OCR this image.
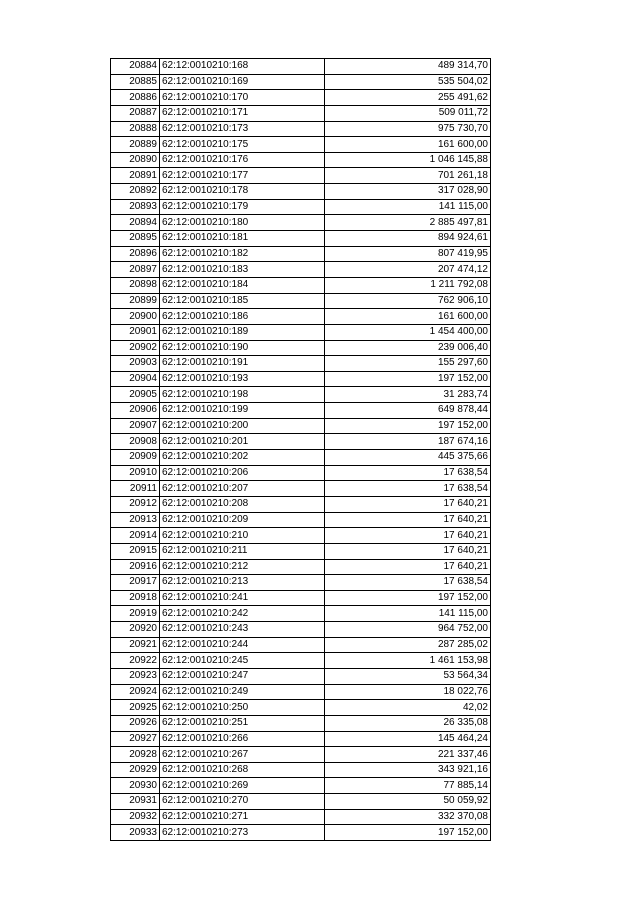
20884	62:12:0010210:168	489 314,70
20885	62:12:0010210:169	535 504,02
20886	62:12:0010210:170	255 491,62
20887	62:12:0010210:171	509 011,72
20888	62:12:0010210:173	975 730,70
20889	62:12:0010210:175	161 600,00
20890	62:12:0010210:176	1 046 145,88
20891	62:12:0010210:177	701 261,18
20892	62:12:0010210:178	317 028,90
20893	62:12:0010210:179	141 115,00
20894	62:12:0010210:180	2 885 497,81
20895	62:12:0010210:181	894 924,61
20896	62:12:0010210:182	807 419,95
20897	62:12:0010210:183	207 474,12
20898	62:12:0010210:184	1 211 792,08
20899	62:12:0010210:185	762 906,10
20900	62:12:0010210:186	161 600,00
20901	62:12:0010210:189	1 454 400,00
20902	62:12:0010210:190	239 006,40
20903	62:12:0010210:191	155 297,60
20904	62:12:0010210:193	197 152,00
20905	62:12:0010210:198	31 283,74
20906	62:12:0010210:199	649 878,44
20907	62:12:0010210:200	197 152,00
20908	62:12:0010210:201	187 674,16
20909	62:12:0010210:202	445 375,66
20910	62:12:0010210:206	17 638,54
20911	62:12:0010210:207	17 638,54
20912	62:12:0010210:208	17 640,21
20913	62:12:0010210:209	17 640,21
20914	62:12:0010210:210	17 640,21
20915	62:12:0010210:211	17 640,21
20916	62:12:0010210:212	17 640,21
20917	62:12:0010210:213	17 638,54
20918	62:12:0010210:241	197 152,00
20919	62:12:0010210:242	141 115,00
20920	62:12:0010210:243	964 752,00
20921	62:12:0010210:244	287 285,02
20922	62:12:0010210:245	1 461 153,98
20923	62:12:0010210:247	53 564,34
20924	62:12:0010210:249	18 022,76
20925	62:12:0010210:250	42,02
20926	62:12:0010210:251	26 335,08
20927	62:12:0010210:266	145 464,24
20928	62:12:0010210:267	221 337,46
20929	62:12:0010210:268	343 921,16
20930	62:12:0010210:269	77 885,14
20931	62:12:0010210:270	50 059,92
20932	62:12:0010210:271	332 370,08
20933	62:12:0010210:273	197 152,00
